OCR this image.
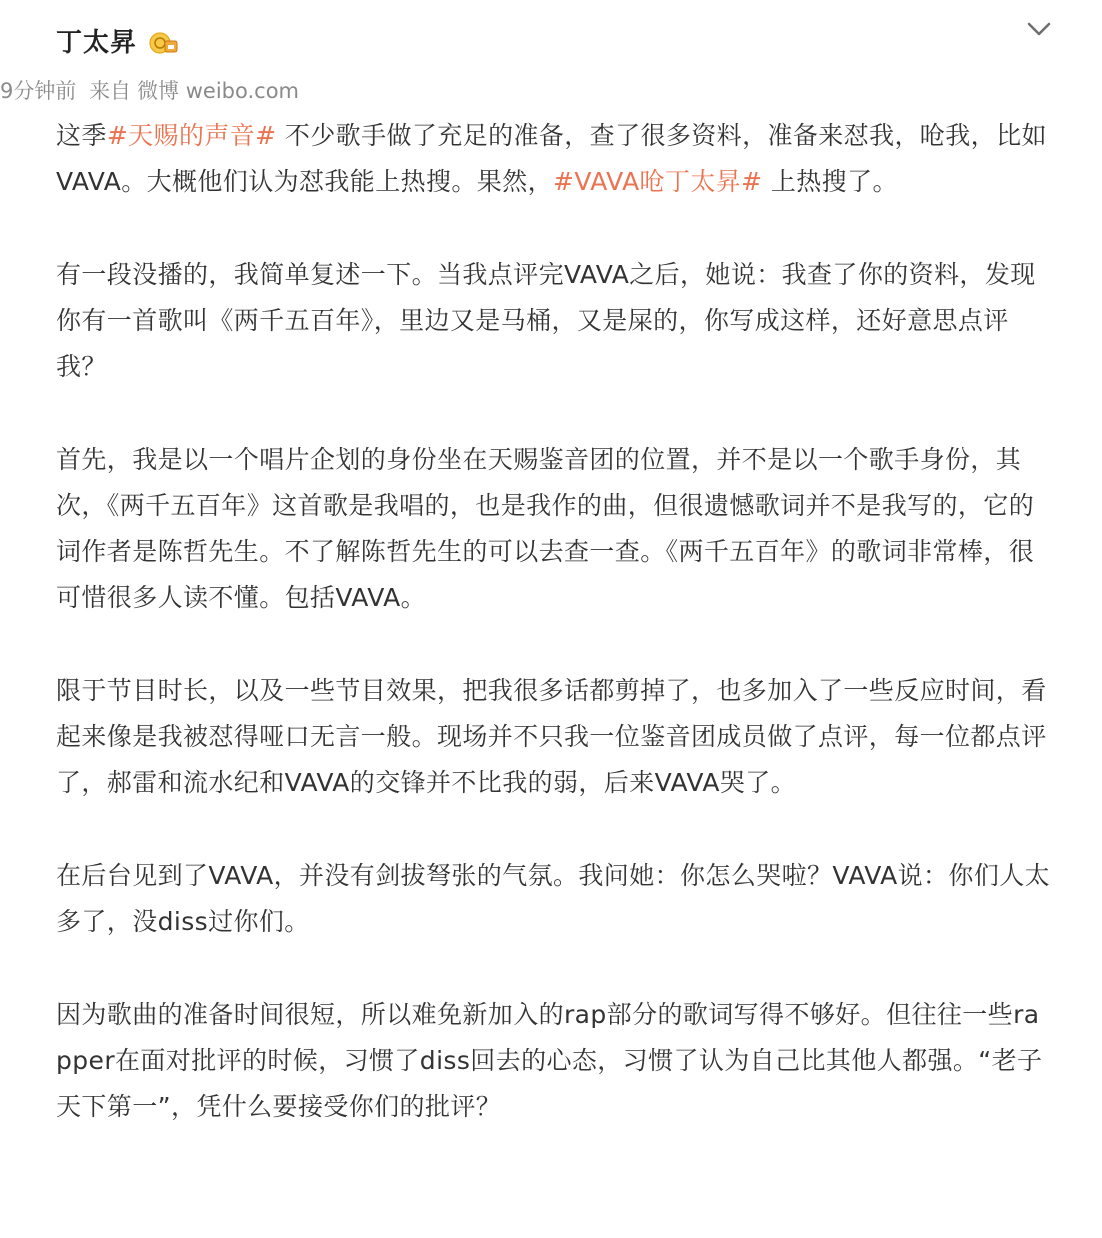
丁太昇
9分钟前 来自 微博 weibo.com

这季#天赐的声音# 不少歌手做了充足的准备，查了很多资料，准备来怼我，呛我，比如VAVA。大概他们认为怼我能上热搜。果然，#VAVA呛丁太昇# 上热搜了。

有一段没播的，我简单复述一下。当我点评完VAVA之后，她说：我查了你的资料，发现你有一首歌叫《两千五百年》，里边又是马桶，又是屎的，你写成这样，还好意思点评我？

首先，我是以一个唱片企划的身份坐在天赐鉴音团的位置，并不是以一个歌手身份，其次，《两千五百年》这首歌是我唱的，也是我作的曲，但很遗憾歌词并不是我写的，它的词作者是陈哲先生。不了解陈哲先生的可以去查一查。《两千五百年》的歌词非常棒，很可惜很多人读不懂。包括VAVA。

限于节目时长，以及一些节目效果，把我很多话都剪掉了，也多加入了一些反应时间，看起来像是我被怼得哑口无言一般。现场并不只我一位鉴音团成员做了点评，每一位都点评了，郝雷和流水纪和VAVA的交锋并不比我的弱，后来VAVA哭了。

在后台见到了VAVA，并没有剑拔弩张的气氛。我问她：你怎么哭啦？VAVA说：你们人太多了，没diss过你们。

因为歌曲的准备时间很短，所以难免新加入的rap部分的歌词写得不够好。但往往一些rapper在面对批评的时候，习惯了diss回去的心态，习惯了认为自己比其他人都强。“老子天下第一”，凭什么要接受你们的批评？
